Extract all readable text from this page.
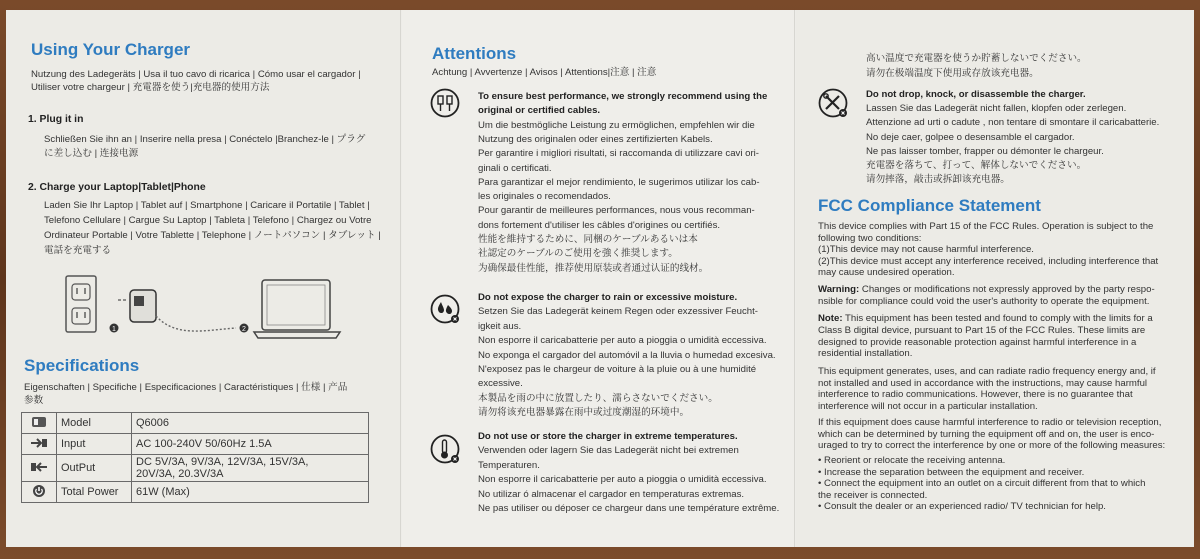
Using Your Charger
Nutzung des Ladegeräts | Usa il tuo cavo di ricarica | Cómo usar el cargador |
Utiliser votre chargeur | 充電器を使う|充电器的使用方法
1. Plug it in
Schließen Sie ihn an | Inserire nella presa | Conéctelo |Branchez-le | プラグ
に差し込む | 连接电源
2. Charge your Laptop|Tablet|Phone
Laden Sie Ihr Laptop | Tablet auf | Smartphone | Caricare il Portatile | Tablet |
Telefono Cellulare | Cargue Su Laptop | Tableta | Telefono | Chargez ou Votre
Ordinateur Portable | Votre Tablette | Telephone | ノートパソコン | タブレット |
電話を充電する
1	2
Specifications
Eigenschaften | Specifiche | Especificaciones | Caractéristiques | 仕様 | 产品
参数
	Model	Q6006
	Input	AC 100-240V 50/60Hz 1.5A
	OutPut	DC 5V/3A, 9V/3A, 12V/3A, 15V/3A,
20V/3A, 20.3V/3A

	Total Power	61W (Max)
Attentions
Achtung | Avvertenze | Avisos | Attentions|注意 | 注意
To ensure best performance, we strongly recommend using the
original or certified cables.
Um die bestmögliche Leistung zu ermöglichen, empfehlen wir die
Nutzung des originalen oder eines zertifizierten Kabels.
Per garantire i migliori risultati, si raccomanda di utilizzare cavi ori-
ginali o certificati.
Para garantizar el mejor rendimiento, le sugerimos utilizar los cab-
les originales o recomendados.
Pour garantir de meilleures performances, nous vous recomman-
dons fortement d'utiliser les câbles d'origines ou certifiés.
性能を維持するために、同梱のケーブルあるいは本
社認定のケーブルのご使用を強く推奨します。
为确保最佳性能，推荐使用原装或者通过认证的线材。
Do not expose the charger to rain or excessive moisture.
Setzen Sie das Ladegerät keinem Regen oder exzessiver Feucht-
igkeit aus.
Non esporre il caricabatterie per auto a pioggia o umidità eccessiva.
No exponga el cargador del automóvil a la lluvia o humedad excesiva.
N'exposez pas le chargeur de voiture à la pluie ou à une humidité
excessive.
本製品を雨の中に放置したり、濡らさないでください。
请勿将该充电器暴露在雨中或过度潮湿的环境中。
Do not use or store the charger in extreme temperatures.
Verwenden oder lagern Sie das Ladegerät nicht bei extremen
Temperaturen.
Non esporre il caricabatterie per auto a pioggia o umidità eccessiva.
No utilizar ó almacenar el cargador en temperaturas extremas.
Ne pas utiliser ou déposer ce chargeur dans une température extrême.
高い温度で充電器を使うか貯蓄しないでください。
请勿在极端温度下使用或存放该充电器。
Do not drop, knock, or disassemble the charger.
Lassen Sie das Ladegerät nicht fallen, klopfen oder zerlegen.
Attenzione ad urti o cadute , non tentare di smontare il caricabatterie.
No deje caer, golpee o desensamble el cargador.
Ne pas laisser tomber, frapper ou démonter le chargeur.
充電器を落ちて、打って、解体しないでください。
请勿摔落，敲击或拆卸该充电器。
FCC Compliance Statement
This device complies with Part 15 of the FCC Rules. Operation is subject to the
following two conditions:
(1)This device may not cause harmful interference.
(2)This device must accept any interference received, including interference that
may cause undesired operation.
Warning: Changes or modifications not expressly approved by the party respo-
nsible for compliance could void the user's authority to operate the equipment.
Note: This equipment has been tested and found to comply with the limits for a
Class B digital device, pursuant to Part 15 of the FCC Rules. These limits are
designed to provide reasonable protection against harmful interference in a
residential installation.
This equipment generates, uses, and can radiate radio frequency energy and, if
not installed and used in accordance with the instructions, may cause harmful
interference to radio communications. However, there is no guarantee that
interference will not occur in a particular installation.
If this equipment does cause harmful interference to radio or television reception,
which can be determined by turning the equipment off and on, the user is enco-
uraged to try to correct the interference by one or more of the following measures:
• Reorient or relocate the receiving antenna.
• Increase the separation between the equipment and receiver.
• Connect the equipment into an outlet on a circuit different from that to which
the receiver is connected.
• Consult the dealer or an experienced radio/ TV technician for help.
